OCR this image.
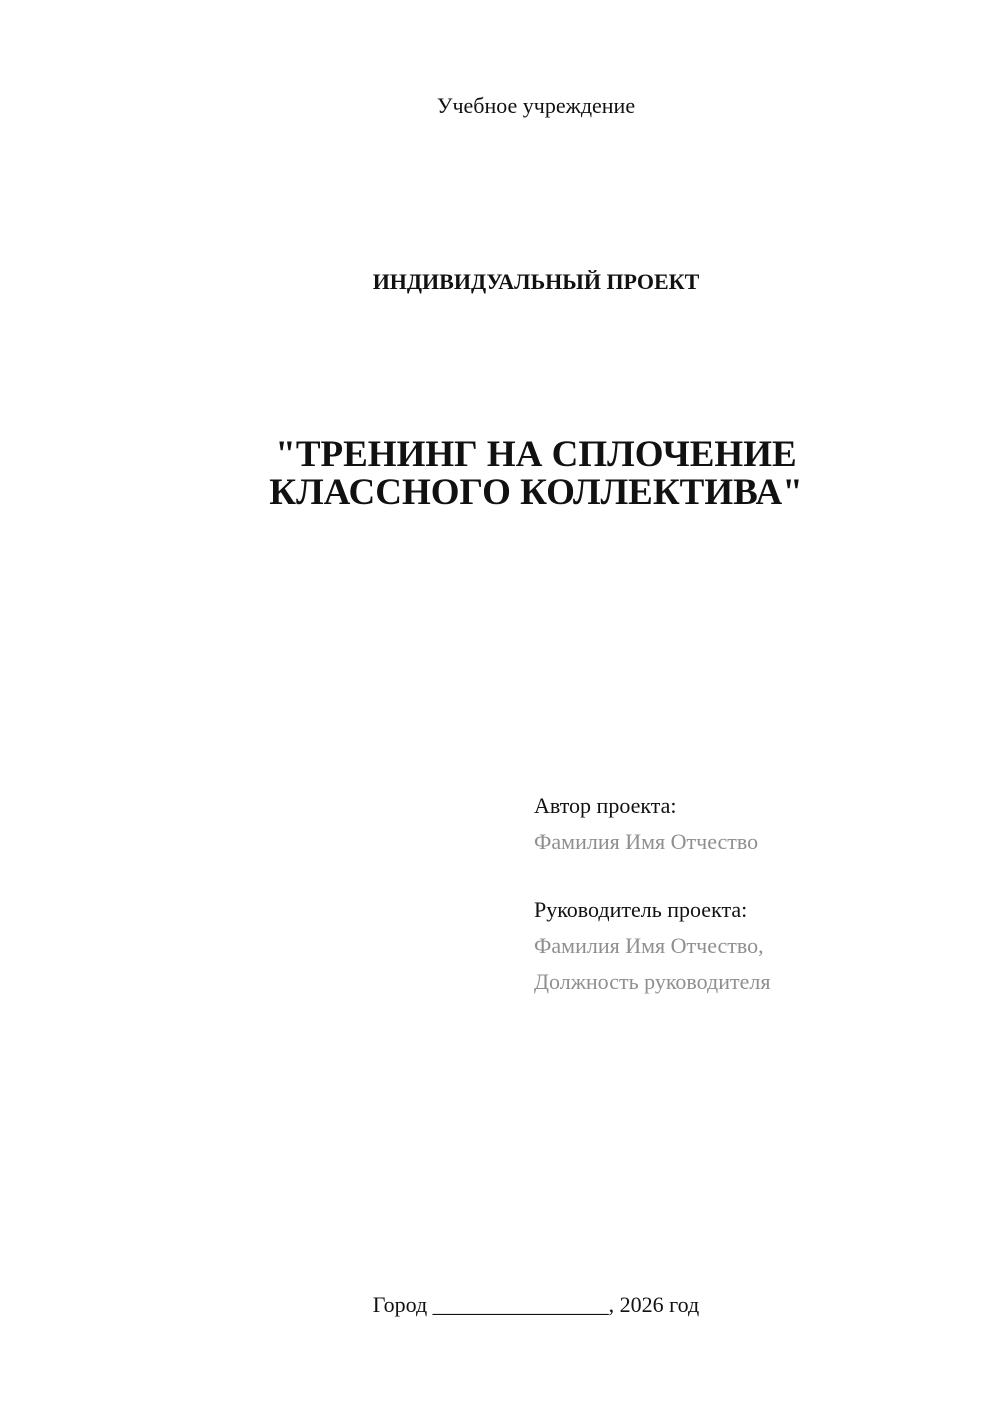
Учебное учреждение
ИНДИВИДУАЛЬНЫЙ ПРОЕКТ
"ТРЕНИНГ НА СПЛОЧЕНИЕ
КЛАССНОГО КОЛЛЕКТИВА"
Автор проекта:
Фамилия Имя Отчество
Руководитель проекта:
Фамилия Имя Отчество,
Должность руководителя
Город ________________, 2026 год
